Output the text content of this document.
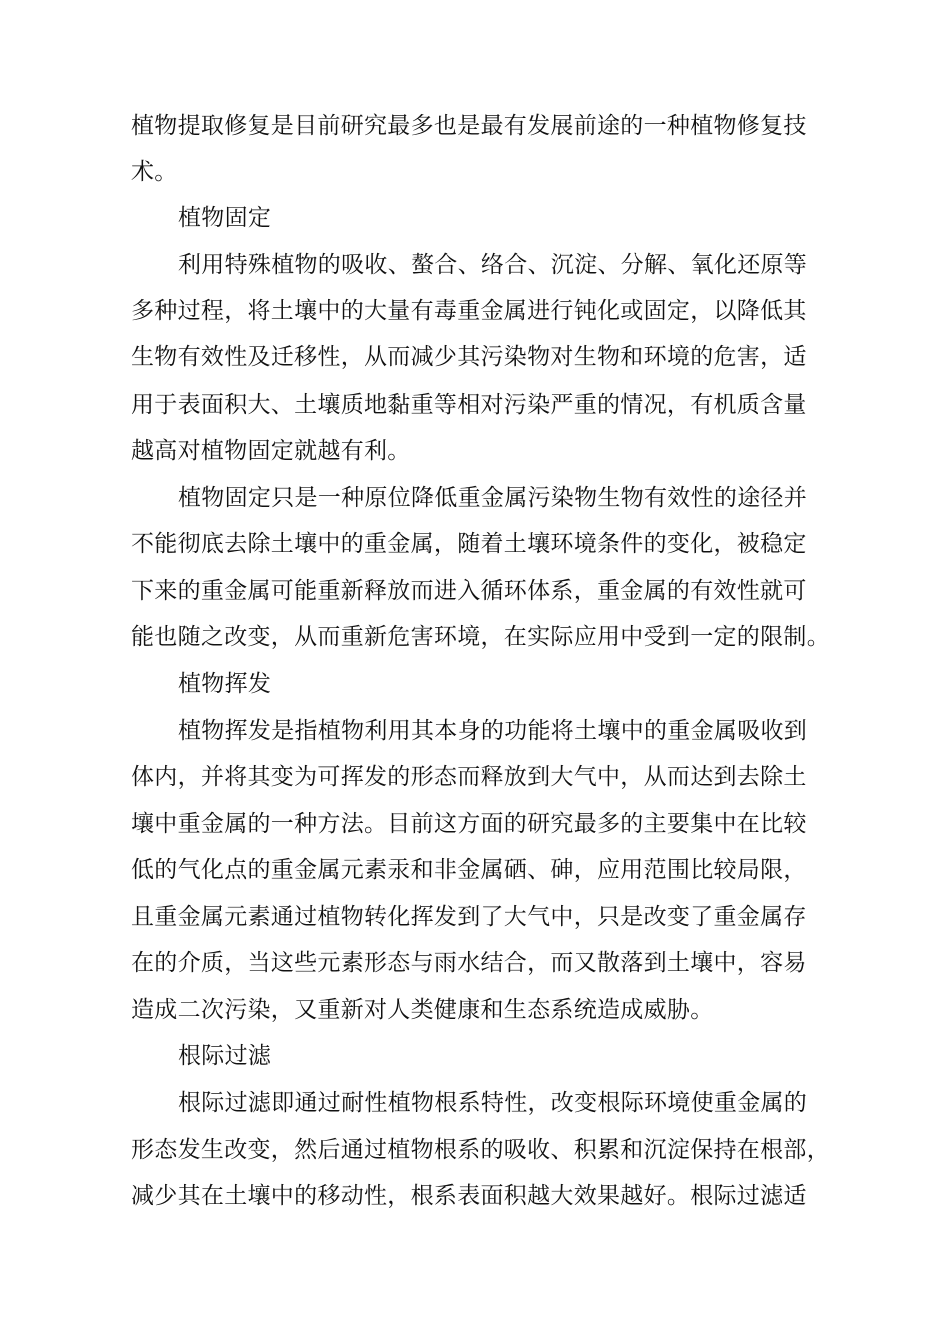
植物提取修复是目前研究最多也是最有发展前途的一种植物修复技
术。
植物固定
利用特殊植物的吸收、螯合、络合、沉淀、分解、氧化还原等
多种过程，将土壤中的大量有毒重金属进行钝化或固定，以降低其
生物有效性及迁移性，从而减少其污染物对生物和环境的危害，适
用于表面积大、土壤质地黏重等相对污染严重的情况，有机质含量
越高对植物固定就越有利。
植物固定只是一种原位降低重金属污染物生物有效性的途径并
不能彻底去除土壤中的重金属，随着土壤环境条件的变化，被稳定
下来的重金属可能重新释放而进入循环体系，重金属的有效性就可
能也随之改变，从而重新危害环境，在实际应用中受到一定的限制。
植物挥发
植物挥发是指植物利用其本身的功能将土壤中的重金属吸收到
体内，并将其变为可挥发的形态而释放到大气中，从而达到去除土
壤中重金属的一种方法。目前这方面的研究最多的主要集中在比较
低的气化点的重金属元素汞和非金属硒、砷，应用范围比较局限，
且重金属元素通过植物转化挥发到了大气中，只是改变了重金属存
在的介质，当这些元素形态与雨水结合，而又散落到土壤中，容易
造成二次污染，又重新对人类健康和生态系统造成威胁。
根际过滤
根际过滤即通过耐性植物根系特性，改变根际环境使重金属的
形态发生改变，然后通过植物根系的吸收、积累和沉淀保持在根部，
减少其在土壤中的移动性，根系表面积越大效果越好。根际过滤适
